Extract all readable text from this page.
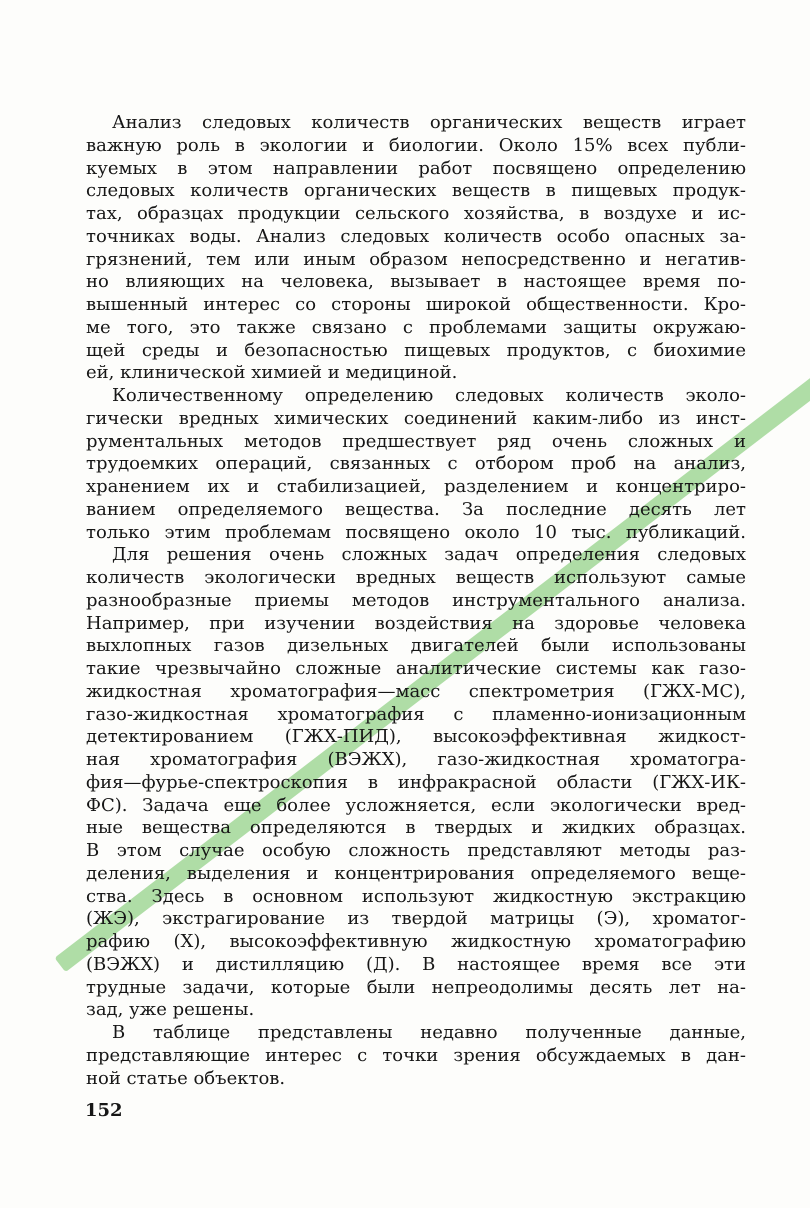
Анализ следовых количеств органических веществ играет
важную роль в экологии и биологии. Около 15% всех публи-
куемых в этом направлении работ посвящено определению
следовых количеств органических веществ в пищевых продук-
тах, образцах продукции сельского хозяйства, в воздухе и ис-
точниках воды. Анализ следовых количеств особо опасных за-
грязнений, тем или иным образом непосредственно и негатив-
но влияющих на человека, вызывает в настоящее время по-
вышенный интерес со стороны широкой общественности. Кро-
ме того, это также связано с проблемами защиты окружаю-
щей среды и безопасностью пищевых продуктов, с биохимие
ей, клинической химией и медициной.
Количественному определению следовых количеств эколо-
гически вредных химических соединений каким-либо из инст-
рументальных методов предшествует ряд очень сложных и
трудоемких операций, связанных с отбором проб на анализ,
хранением их и стабилизацией, разделением и концентриро-
ванием определяемого вещества. За последние десять лет
только этим проблемам посвящено около 10 тыс. публикаций.
Для решения очень сложных задач определения следовых
количеств экологически вредных веществ используют самые
разнообразные приемы методов инструментального анализа.
Например, при изучении воздействия на здоровье человека
выхлопных газов дизельных двигателей были использованы
такие чрезвычайно сложные аналитические системы как газо-
жидкостная хроматография—масс спектрометрия (ГЖХ-МС),
газо-жидкостная хроматография с пламенно-ионизационным
детектированием (ГЖХ-ПИД), высокоэффективная жидкост-
ная хроматография (ВЭЖХ), газо-жидкостная хроматогра-
фия—фурье-спектроскопия в инфракрасной области (ГЖХ-ИК-
ФС). Задача еще более усложняется, если экологически вред-
ные вещества определяются в твердых и жидких образцах.
В этом случае особую сложность представляют методы раз-
деления, выделения и концентрирования определяемого веще-
ства. Здесь в основном используют жидкостную экстракцию
(ЖЭ), экстрагирование из твердой матрицы (Э), хроматог-
рафию (Х), высокоэффективную жидкостную хроматографию
(ВЭЖХ) и дистилляцию (Д). В настоящее время все эти
трудные задачи, которые были непреодолимы десять лет на-
зад, уже решены.
В таблице представлены недавно полученные данные,
представляющие интерес с точки зрения обсуждаемых в дан-
ной статье объектов.
152
